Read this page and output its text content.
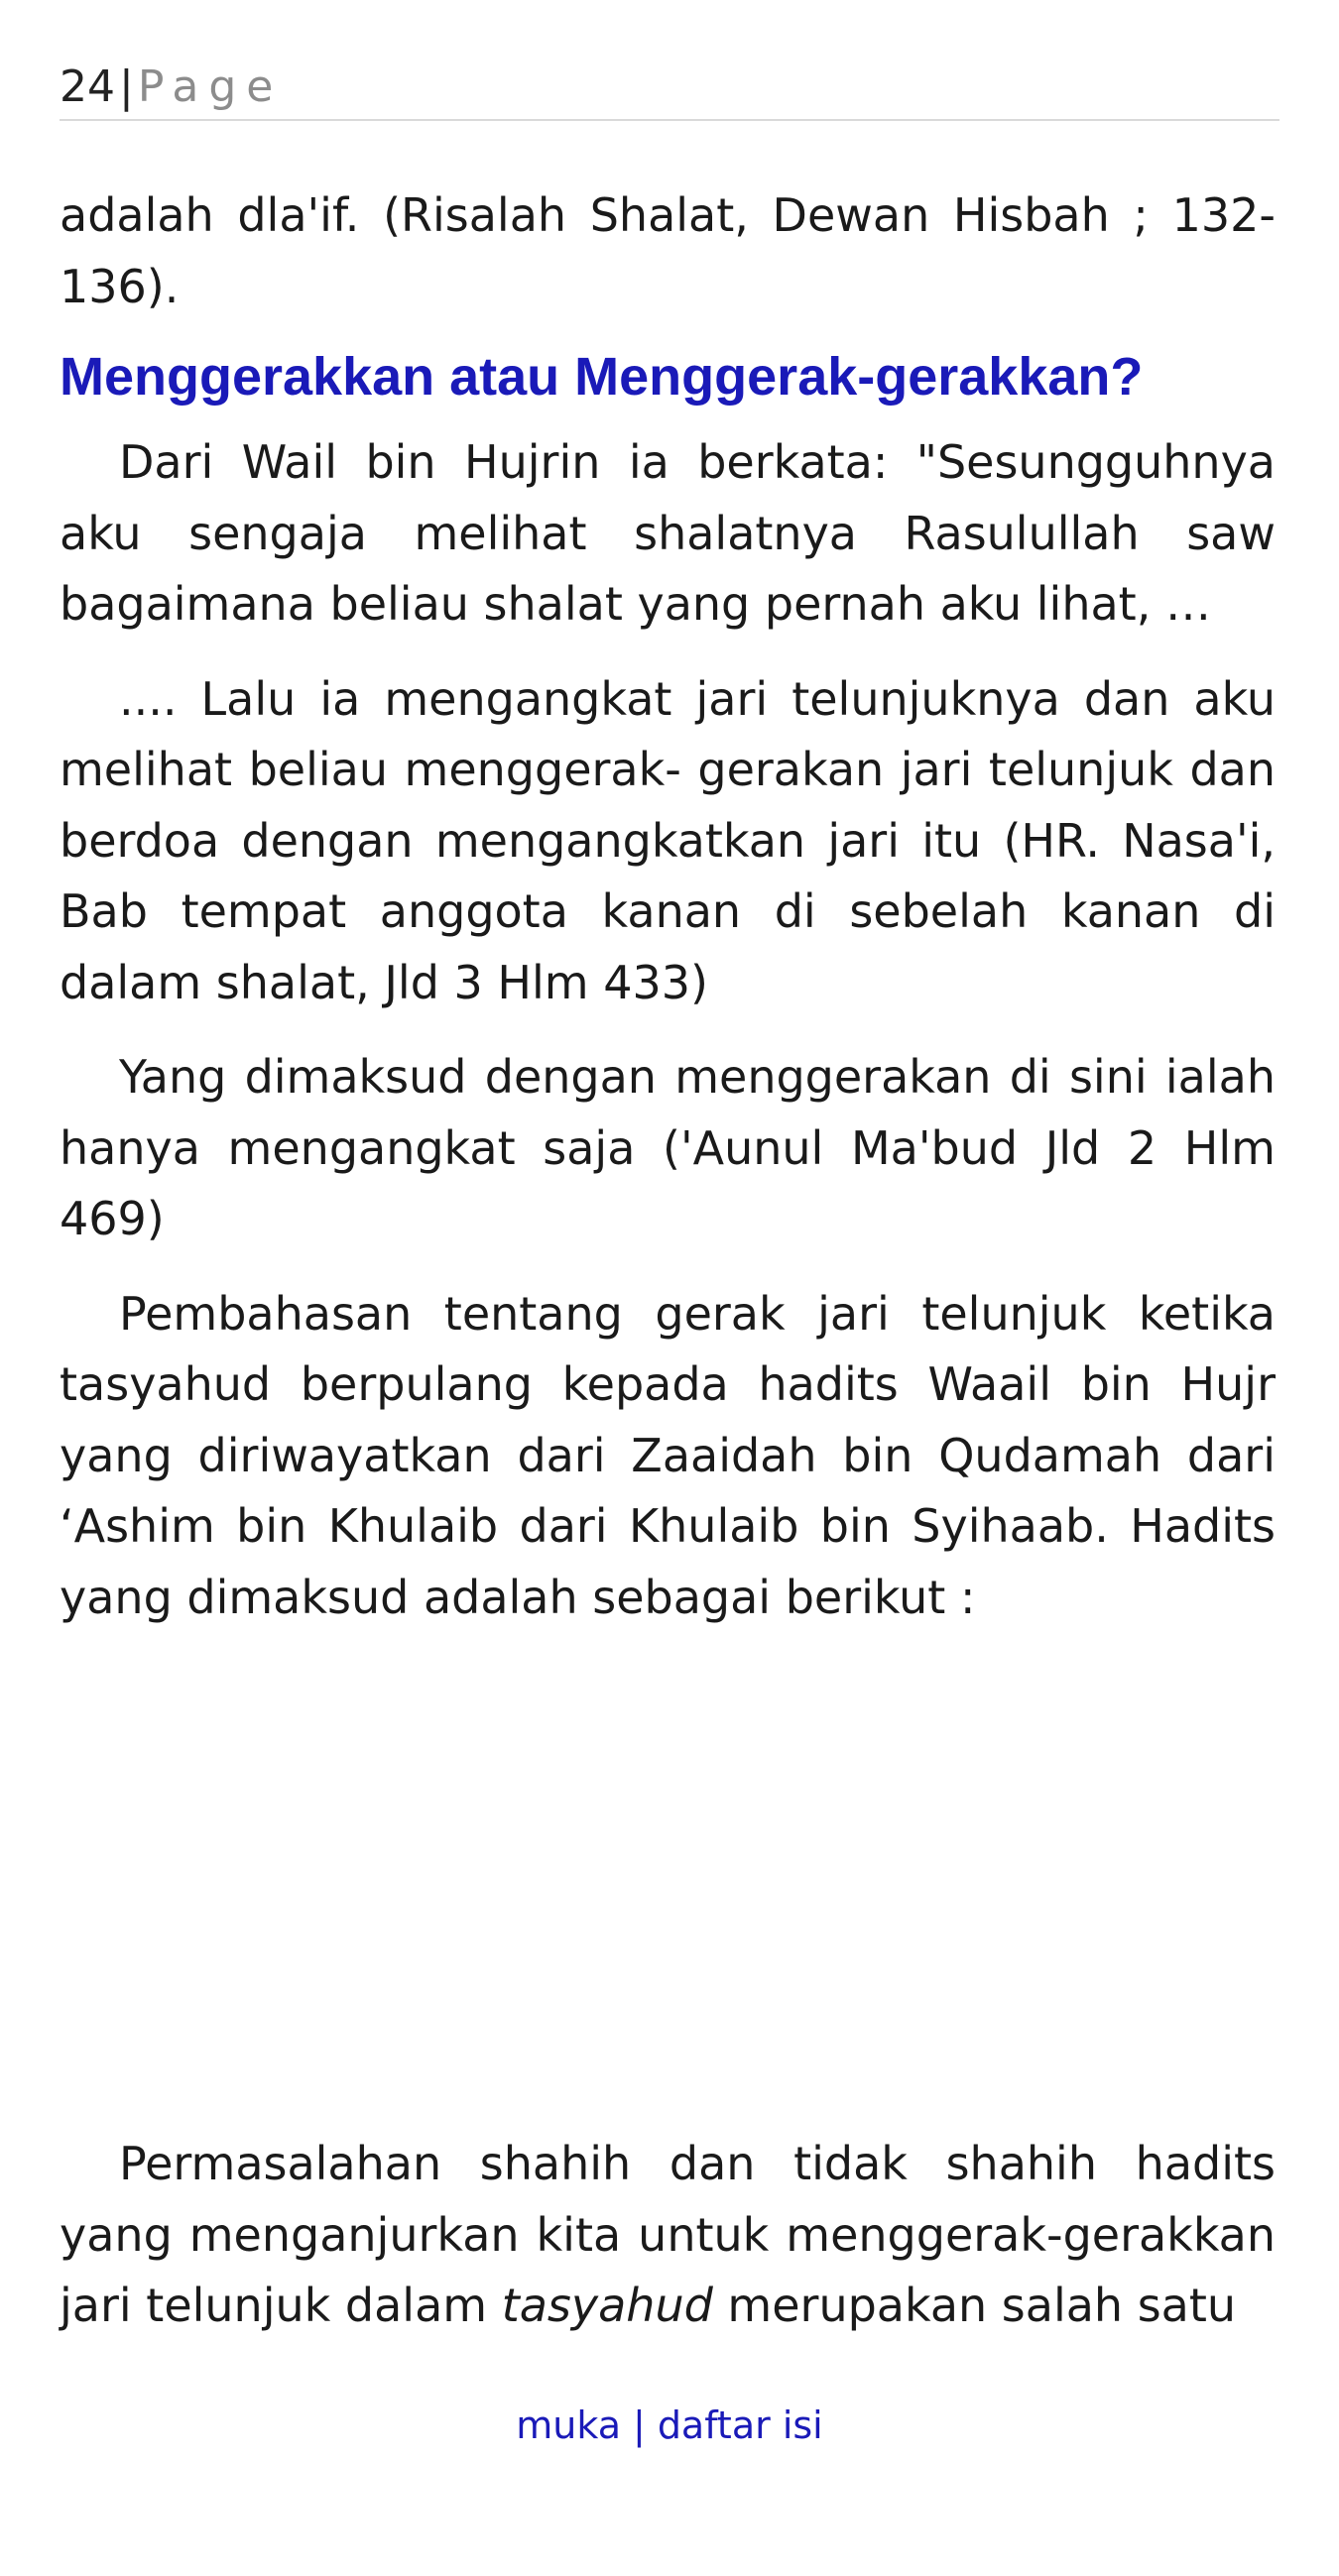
24|Page

adalah dla'if. (Risalah Shalat, Dewan Hisbah ; 132-136).

Menggerakkan atau Menggerak-gerakkan?

Dari Wail bin Hujrin ia berkata: "Sesungguhnya aku sengaja melihat shalatnya Rasulullah saw bagaimana beliau shalat yang pernah aku lihat, …

.... Lalu ia mengangkat jari telunjuknya dan aku melihat beliau menggerak- gerakan jari telunjuk dan berdoa dengan mengangkatkan jari itu (HR. Nasa'i, Bab tempat anggota kanan di sebelah kanan di dalam shalat, Jld 3 Hlm 433)

Yang dimaksud dengan menggerakan di sini ialah hanya mengangkat saja ('Aunul Ma'bud Jld 2 Hlm 469)

Pembahasan tentang gerak jari telunjuk ketika tasyahud berpulang kepada hadits Waail bin Hujr yang diriwayatkan dari Zaaidah bin Qudamah dari ‘Ashim bin Khulaib dari Khulaib bin Syihaab. Hadits yang dimaksud adalah sebagai berikut :

Permasalahan shahih dan tidak shahih hadits yang menganjurkan kita untuk menggerak-gerakkan jari telunjuk dalam tasyahud merupakan salah satu

muka | daftar isi
